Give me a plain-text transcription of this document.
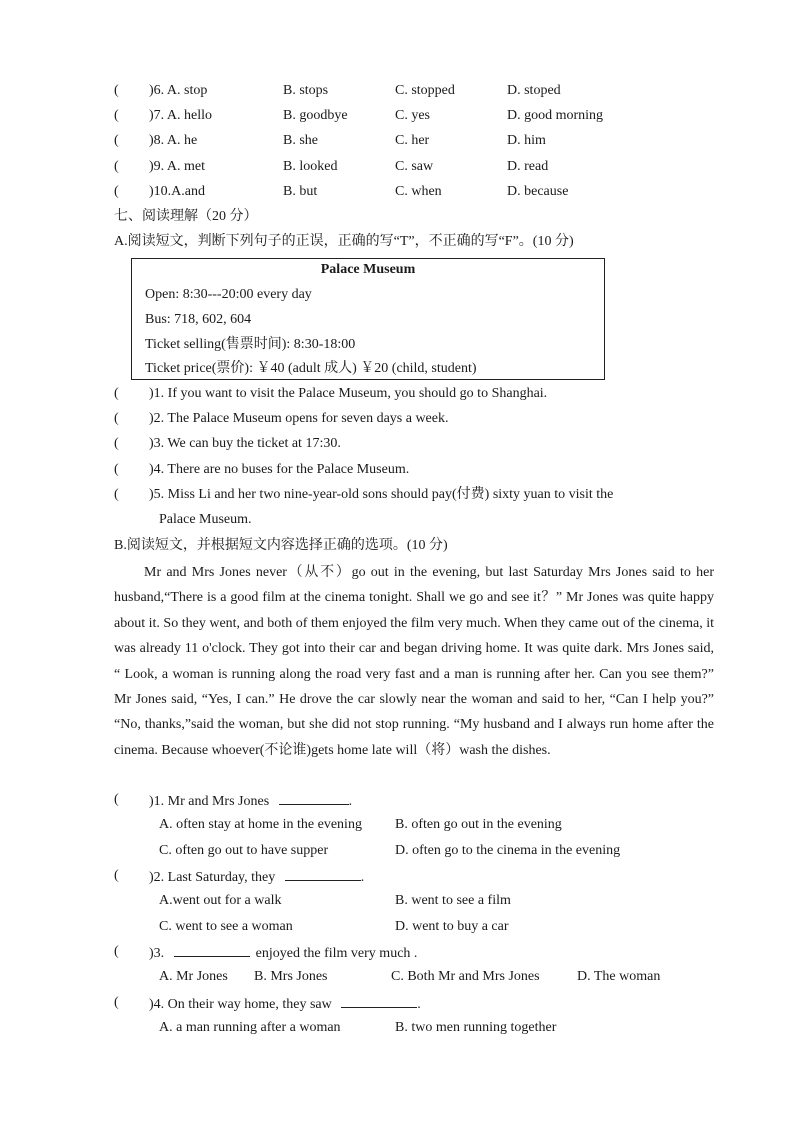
( )6. A. stop	B. stops	C. stopped	D. stoped
( )7. A. hello	B. goodbye	C. yes	D. good morning
( )8. A. he	B. she	C. her	D. him
( )9. A. met	B. looked	C. saw	D. read
( )10.A.and	B. but	C. when	D. because
七、阅读理解（20 分）
A.阅读短文，判断下列句子的正误，正确的写“T”，不正确的写“F”。(10 分)
Palace Museum
Open: 8:30---20:00 every day
Bus: 718, 602, 604
Ticket selling(售票时间): 8:30-18:00
Ticket price(票价): ￥40 (adult 成人) ￥20 (child, student)
( )1. If you want to visit the Palace Museum, you should go to Shanghai.
( )2. The Palace Museum opens for seven days a week.
( )3. We can buy the ticket at 17:30.
( )4. There are no buses for the Palace Museum.
( )5. Miss Li and her two nine-year-old sons should pay(付费) sixty yuan to visit the
Palace Museum.
B.阅读短文，并根据短文内容选择正确的选项。(10 分)

Mr and Mrs Jones never（从不）go out in the evening, but last Saturday Mrs Jones said to her husband,“There is a good film at the cinema tonight. Shall we go and see it？” Mr Jones was quite happy about it. So they went, and both of them enjoyed the film very much. When they came out of the cinema, it was already 11 o'clock. They got into their car and began driving home. It was quite dark. Mrs Jones said, “ Look, a woman is running along the road very fast and a man is running after her. Can you see them?” Mr Jones said, “Yes, I can.” He drove the car slowly near the woman and said to her, “Can I help you?” “No, thanks,”said the woman, but she did not stop running. “My husband and I always run home after the cinema. Because whoever(不论谁)gets home late will（将）wash the dishes.

( )1. Mr and Mrs Jones	.
A. often stay at home in the evening B. often go out in the evening
C. often go out to have supper	D. often go to the cinema in the evening
( )2. Last Saturday, they	.
A.went out for a walk	B. went to see a film
C. went to see a woman	D. went to buy a car
( )3.	enjoyed the film very much .
A. Mr Jones B. Mrs Jones	C. Both Mr and Mrs Jones	D. The woman
( )4. On their way home, they saw	.
A. a man running after a woman	B. two men running together
